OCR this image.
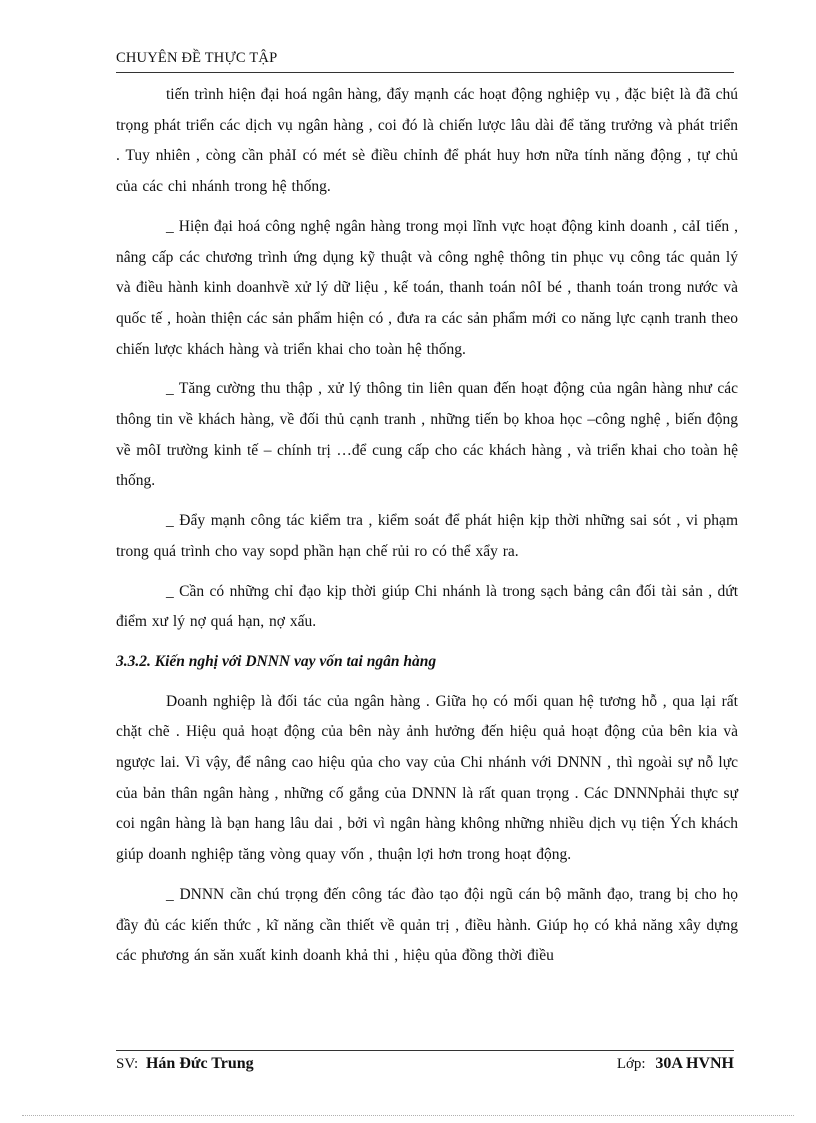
CHUYÊN ĐỀ THỰC TẬP

tiến trình hiện đại hoá ngân hàng, đẩy mạnh các hoạt động nghiệp vụ , đặc biệt là đã chú trọng phát triển các dịch vụ ngân hàng , coi đó là chiến lược lâu dài để tăng trưởng và phát triển . Tuy nhiên , còng cần phảI có mét sè điều chỉnh để phát huy hơn nữa tính năng động , tự chủ của các chi nhánh trong hệ thống.

_ Hiện đại hoá công nghệ ngân hàng trong mọi lĩnh vực hoạt động kinh doanh , cảI tiến , nâng cấp các chương trình ứng dụng kỹ thuật và công nghệ thông tin phục vụ công tác quản lý và điều hành kinh doanhvề xử lý dữ liệu , kế toán, thanh toán nôI bé , thanh toán trong nước và quốc tế , hoàn thiện các sản phẩm hiện có , đưa ra các sản phẩm mới co năng lực cạnh tranh theo chiến lược khách hàng và triển khai cho toàn hệ thống.

_ Tăng cường thu thập , xử lý thông tin liên quan đến hoạt động của ngân hàng như các thông tin về khách hàng, về đối thủ cạnh tranh , những tiến bọ khoa học –công nghệ , biến động về môI trường kinh tế – chính trị …để cung cấp cho các khách hàng , và triển khai cho toàn hệ thống.

_ Đẩy mạnh công tác kiểm tra , kiểm soát để phát hiện kịp thời những sai sót , vi phạm trong quá trình cho vay sopd phần hạn chế rủi ro có thể xẩy ra.

_ Cần có những chỉ đạo kịp thời giúp Chi nhánh là trong sạch bảng cân đối tài sản , dứt điểm xư lý nợ quá hạn, nợ xấu.

3.3.2. Kiến nghị với DNNN vay vốn tai ngân hàng

Doanh nghiệp là đối tác của ngân hàng . Giữa họ có mối quan hệ tương hỗ , qua lại rất chặt chẽ . Hiệu quả hoạt động của bên này ảnh hưởng đến hiệu quả hoạt động của bên kia và ngược lai. Vì vậy, để nâng cao hiệu qủa cho vay của Chi nhánh với DNNN , thì ngoài sự nỗ lực của bản thân ngân hàng , những cố gắng của DNNN là rất quan trọng . Các DNNNphải thực sự coi ngân hàng là bạn hang lâu dai , bởi vì ngân hàng không những nhiều dịch vụ tiện Ých khách giúp doanh nghiệp tăng vòng quay vốn , thuận lợi hơn trong hoạt động.

_ DNNN cần chú trọng đến công tác đào tạo đội ngũ cán bộ mãnh đạo, trang bị cho họ đầy đủ các kiến thức , kĩ năng cần thiết về quản trị , điều hành. Giúp họ có khả năng xây dựng các phương án săn xuất kinh doanh khả thi , hiệu qủa đồng thời điều

SV: Hán Đức Trung	Lớp: 30A HVNH
